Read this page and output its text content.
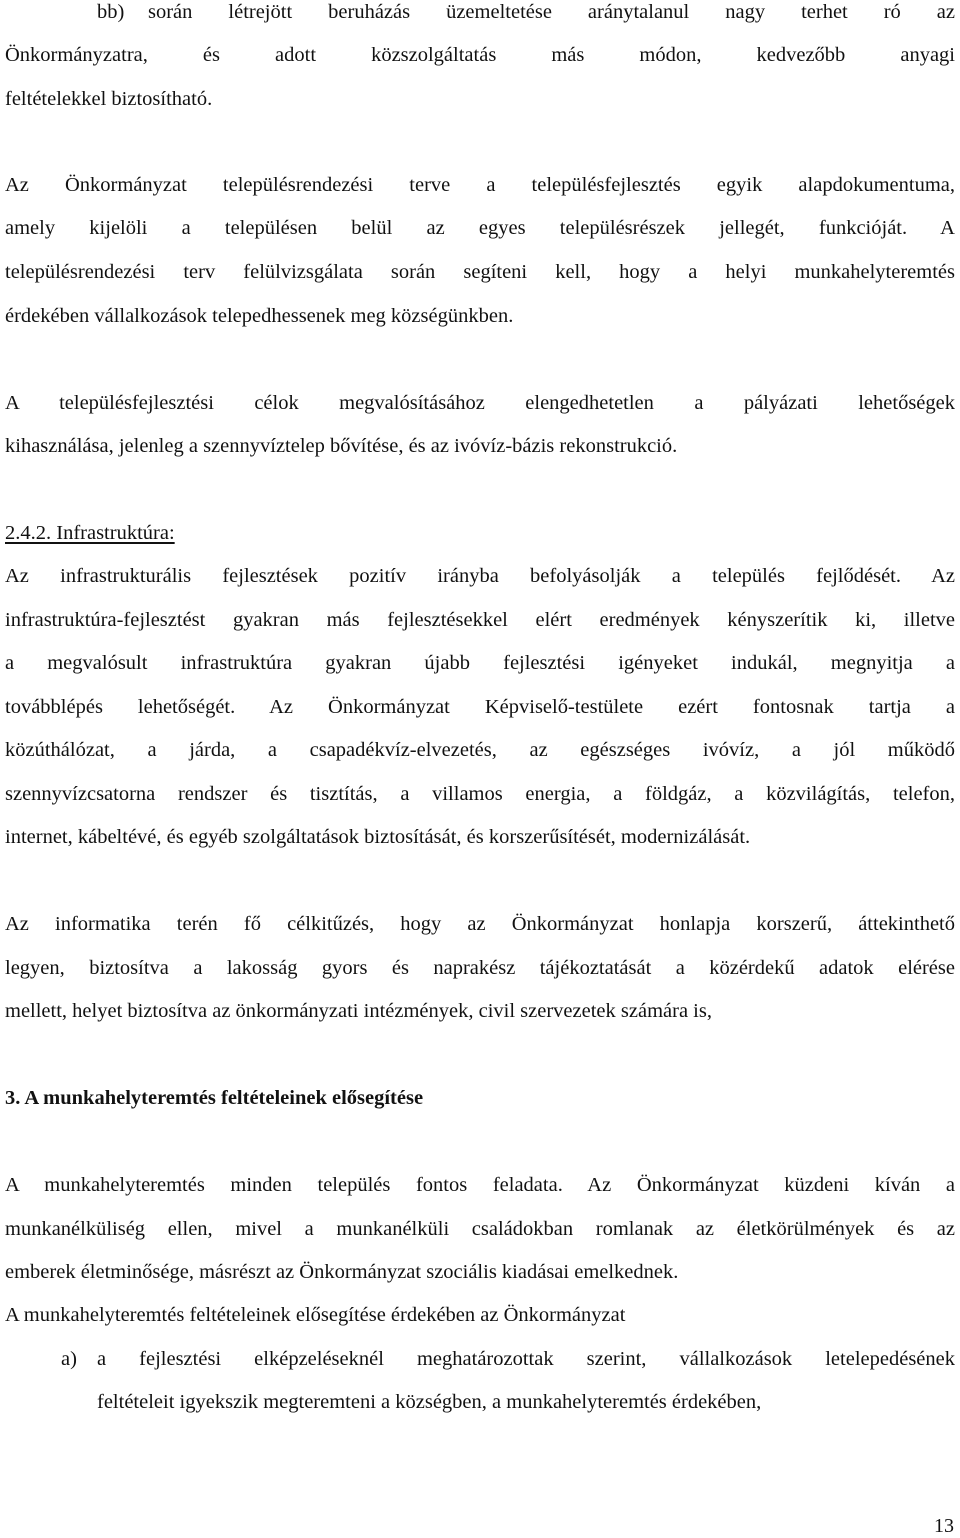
bb) során létrejött beruházás üzemeltetése aránytalanul nagy terhet ró az
Önkormányzatra, és adott közszolgáltatás más módon, kedvezőbb anyagi
feltételekkel biztosítható.
Az Önkormányzat településrendezési terve a településfejlesztés egyik alapdokumentuma,
amely kijelöli a településen belül az egyes településrészek jellegét, funkcióját. A
településrendezési terv felülvizsgálata során segíteni kell, hogy a helyi munkahelyteremtés
érdekében vállalkozások telepedhessenek meg községünkben.
A településfejlesztési célok megvalósításához elengedhetetlen a pályázati lehetőségek
kihasználása, jelenleg a szennyvíztelep bővítése, és az ivóvíz-bázis rekonstrukció.
2.4.2. Infrastruktúra:
Az infrastrukturális fejlesztések pozitív irányba befolyásolják a település fejlődését. Az
infrastruktúra-fejlesztést gyakran más fejlesztésekkel elért eredmények kényszerítik ki, illetve
a megvalósult infrastruktúra gyakran újabb fejlesztési igényeket indukál, megnyitja a
továbblépés lehetőségét. Az Önkormányzat Képviselő-testülete ezért fontosnak tartja a
közúthálózat, a járda, a csapadékvíz-elvezetés, az egészséges ivóvíz, a jól működő
szennyvízcsatorna rendszer és tisztítás, a villamos energia, a földgáz, a közvilágítás, telefon,
internet, kábeltévé, és egyéb szolgáltatások biztosítását, és korszerűsítését, modernizálását.
Az informatika terén fő célkitűzés, hogy az Önkormányzat honlapja korszerű, áttekinthető
legyen, biztosítva a lakosság gyors és naprakész tájékoztatását a közérdekű adatok elérése
mellett, helyet biztosítva az önkormányzati intézmények, civil szervezetek számára is,
3. A munkahelyteremtés feltételeinek elősegítése
A munkahelyteremtés minden település fontos feladata. Az Önkormányzat küzdeni kíván a
munkanélküliség ellen, mivel a munkanélküli családokban romlanak az életkörülmények és az
emberek életminősége, másrészt az Önkormányzat szociális kiadásai emelkednek.
A munkahelyteremtés feltételeinek elősegítése érdekében az Önkormányzat
a) a fejlesztési elképzeléseknél meghatározottak szerint, vállalkozások letelepedésének
feltételeit igyekszik megteremteni a községben, a munkahelyteremtés érdekében,
13
